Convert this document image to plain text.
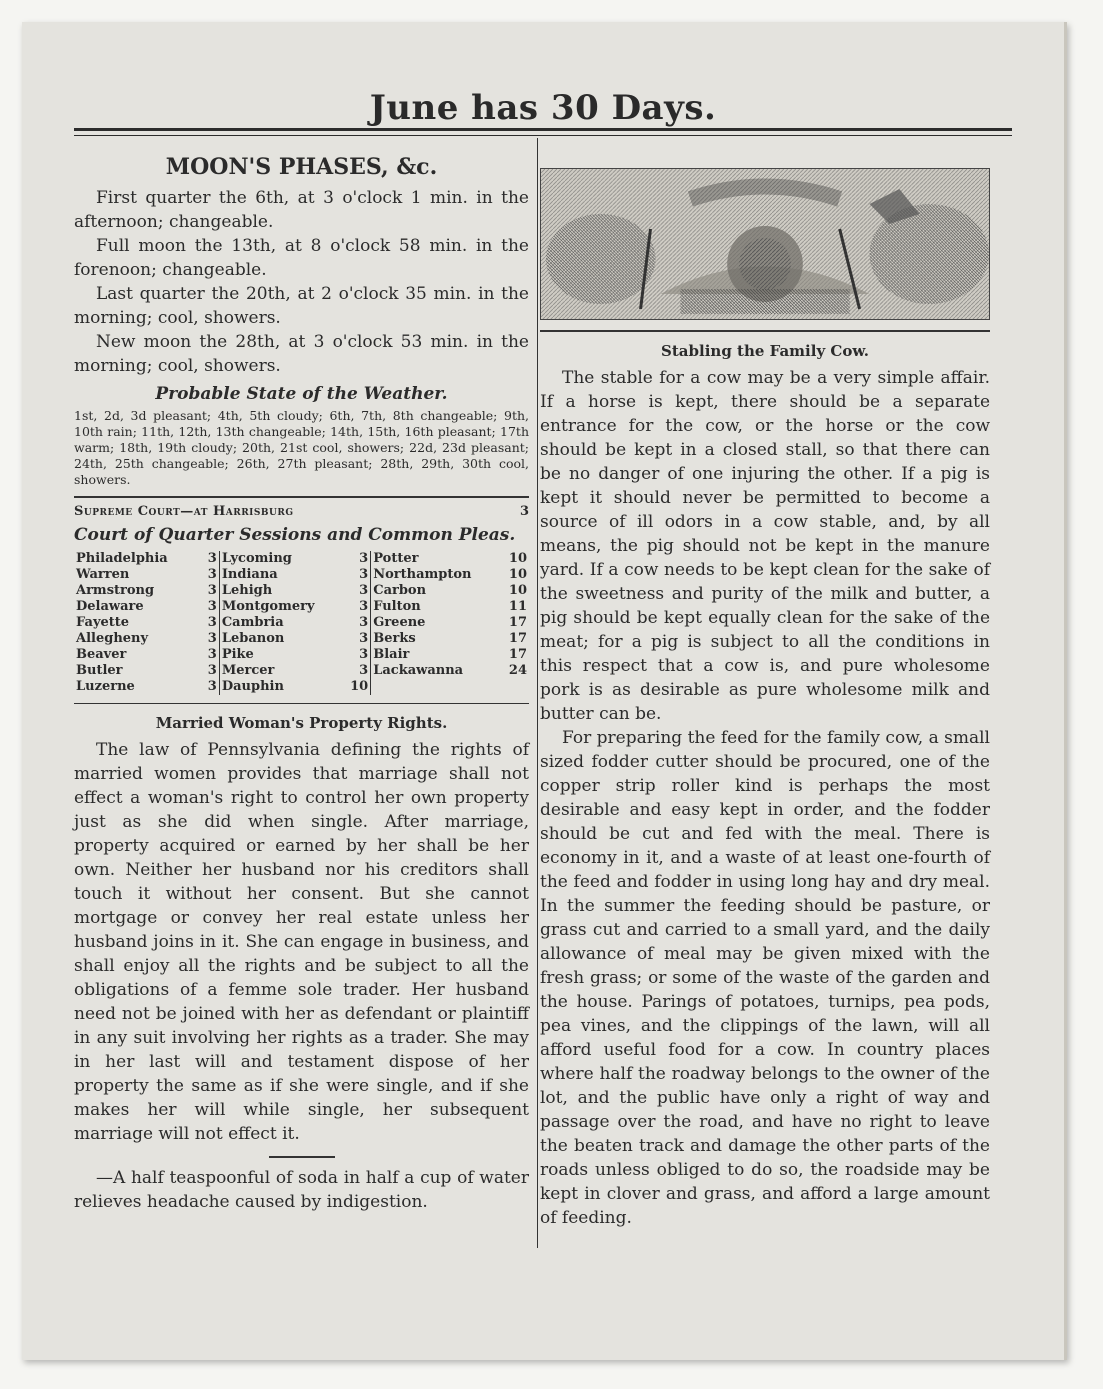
June has 30 Days.
MOON'S PHASES, &c.

First quarter the 6th, at 3 o'clock 1 min. in the afternoon; changeable.

Full moon the 13th, at 8 o'clock 58 min. in the forenoon; changeable.

Last quarter the 20th, at 2 o'clock 35 min. in the morning; cool, showers.

New moon the 28th, at 3 o'clock 53 min. in the morning; cool, showers.

Probable State of the Weather.

1st, 2d, 3d pleasant; 4th, 5th cloudy; 6th, 7th, 8th changeable; 9th, 10th rain; 11th, 12th, 13th changeable; 14th, 15th, 16th pleasant; 17th warm; 18th, 19th cloudy; 20th, 21st cool, showers; 22d, 23d pleasant; 24th, 25th changeable; 26th, 27th pleasant; 28th, 29th, 30th cool, showers.

Supreme Court—at Harrisburg	3
Court of Quarter Sessions and Common Pleas.
Philadelphia	3	Lycoming	3	Potter	10
Warren	3	Indiana	3	Northampton	10
Armstrong	3	Lehigh	3	Carbon	10
Delaware	3	Montgomery	3	Fulton	11
Fayette	3	Cambria	3	Greene	17
Allegheny	3	Lebanon	3	Berks	17
Beaver	3	Pike	3	Blair	17
Butler	3	Mercer	3	Lackawanna	24
Luzerne	3	Dauphin	10		
Married Woman's Property Rights.

The law of Pennsylvania defining the rights of married women provides that marriage shall not effect a woman's right to control her own property just as she did when single. After marriage, property acquired or earned by her shall be her own. Neither her husband nor his creditors shall touch it without her consent. But she cannot mortgage or convey her real estate unless her husband joins in it. She can engage in business, and shall enjoy all the rights and be subject to all the obligations of a femme sole trader. Her husband need not be joined with her as defendant or plaintiff in any suit involving her rights as a trader. She may in her last will and testament dispose of her property the same as if she were single, and if she makes her will while single, her subsequent marriage will not effect it.

—A half teaspoonful of soda in half a cup of water relieves headache caused by indigestion.

Stabling the Family Cow.

The stable for a cow may be a very simple affair. If a horse is kept, there should be a separate entrance for the cow, or the horse or the cow should be kept in a closed stall, so that there can be no danger of one injuring the other. If a pig is kept it should never be permitted to become a source of ill odors in a cow stable, and, by all means, the pig should not be kept in the manure yard. If a cow needs to be kept clean for the sake of the sweetness and purity of the milk and butter, a pig should be kept equally clean for the sake of the meat; for a pig is subject to all the conditions in this respect that a cow is, and pure wholesome pork is as desirable as pure wholesome milk and butter can be.

For preparing the feed for the family cow, a small sized fodder cutter should be procured, one of the copper strip roller kind is perhaps the most desirable and easy kept in order, and the fodder should be cut and fed with the meal. There is economy in it, and a waste of at least one-fourth of the feed and fodder in using long hay and dry meal. In the summer the feeding should be pasture, or grass cut and carried to a small yard, and the daily allowance of meal may be given mixed with the fresh grass; or some of the waste of the garden and the house. Parings of potatoes, turnips, pea pods, pea vines, and the clippings of the lawn, will all afford useful food for a cow. In country places where half the roadway belongs to the owner of the lot, and the public have only a right of way and passage over the road, and have no right to leave the beaten track and damage the other parts of the roads unless obliged to do so, the roadside may be kept in clover and grass, and afford a large amount of feeding.
